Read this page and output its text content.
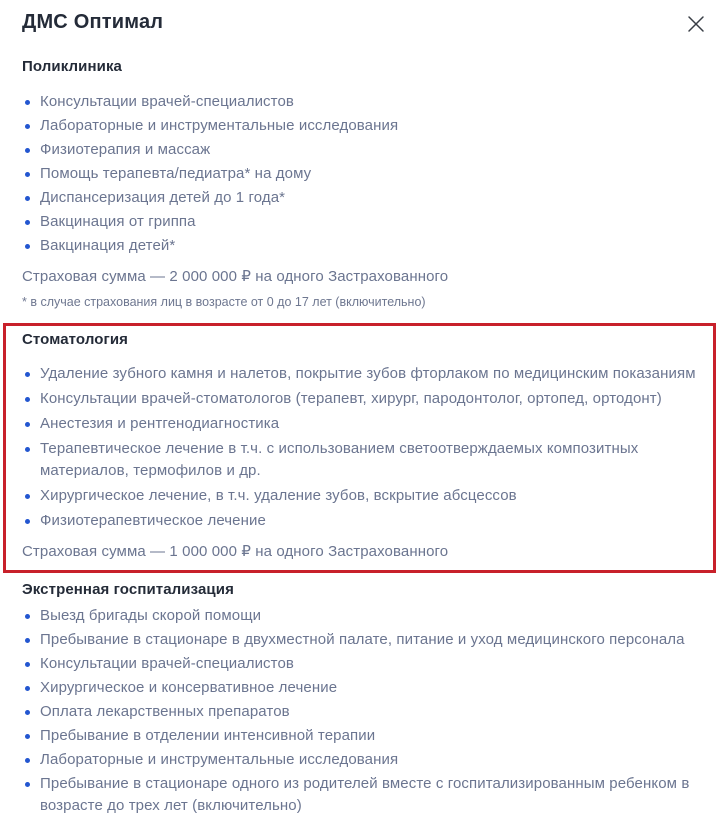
ДМС Оптимал
Поликлиника
Консультации врачей-специалистов
Лабораторные и инструментальные исследования
Физиотерапия и массаж
Помощь терапевта/педиатра* на дому
Диспансеризация детей до 1 года*
Вакцинация от гриппа
Вакцинация детей*

Страховая сумма — 2 000 000 ₽ на одного Застрахованного

* в случае страхования лиц в возрасте от 0 до 17 лет (включительно)

Стоматология
Удаление зубного камня и налетов, покрытие зубов фторлаком по медицинским показаниям
Консультации врачей-стоматологов (терапевт, хирург, пародонтолог, ортопед, ортодонт)
Анестезия и рентгенодиагностика
Терапевтическое лечение в т.ч. с использованием светоотверждаемых композитных материалов, термофилов и др.
Хирургическое лечение, в т.ч. удаление зубов, вскрытие абсцессов
Физиотерапевтическое лечение

Страховая сумма — 1 000 000 ₽ на одного Застрахованного

Экстренная госпитализация
Выезд бригады скорой помощи
Пребывание в стационаре в двухместной палате, питание и уход медицинского персонала
Консультации врачей-специалистов
Хирургическое и консервативное лечение
Оплата лекарственных препаратов
Пребывание в отделении интенсивной терапии
Лабораторные и инструментальные исследования
Пребывание в стационаре одного из родителей вместе с госпитализированным ребенком в возрасте до трех лет (включительно)
